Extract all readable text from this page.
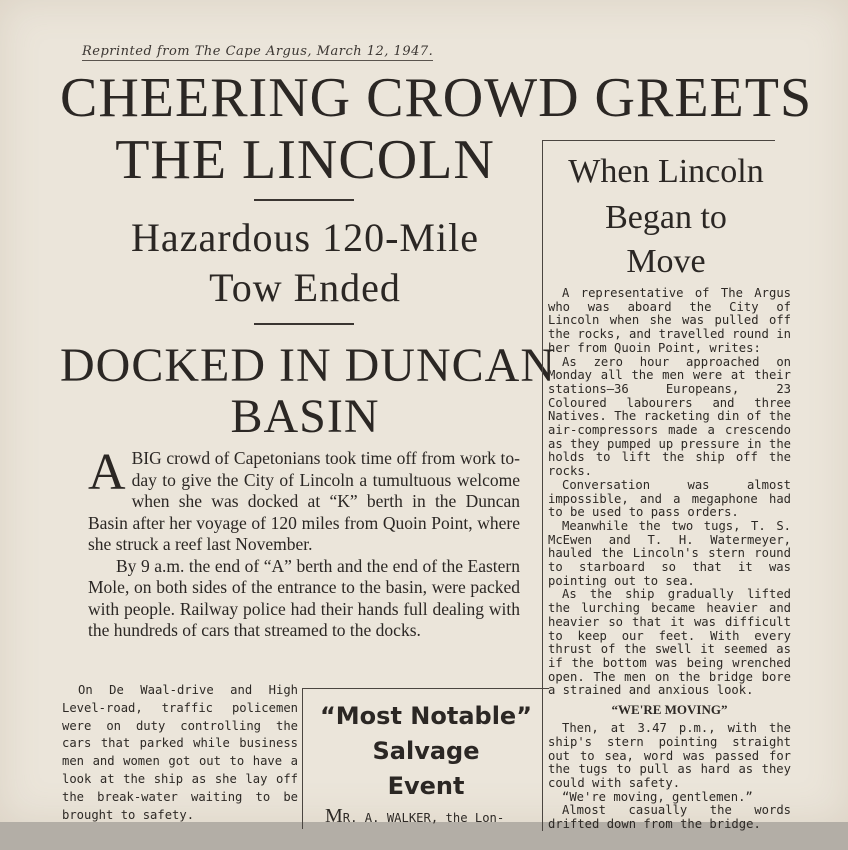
Reprinted from The Cape Argus, March 12, 1947.
CHEERING CROWD GREETS
THE LINCOLN
Hazardous 120-Mile
Tow Ended
DOCKED IN DUNCAN
BASIN
A BIG crowd of Capetonians took time off from work to-day to give the City of Lincoln a tumultuous welcome when she was docked at “K” berth in the Duncan Basin after her voyage of 120 miles from Quoin Point, where she struck a reef last November.

By 9 a.m. the end of “A” berth and the end of the Eastern Mole, on both sides of the entrance to the basin, were packed with people. Railway police had their hands full dealing with the hundreds of cars that streamed to the docks.

On De Waal-drive and High Level-road, traffic policemen were on duty controlling the cars that parked while business men and women got out to have a look at the ship as she lay off the break-water waiting to be brought to safety.

“Most Notable”
Salvage
Event
MR. A. WALKER, the Lon-
When Lincoln
Began to
Move

A representative of The Argus who was aboard the City of Lincoln when she was pulled off the rocks, and travelled round in her from Quoin Point, writes:

As zero hour approached on Monday all the men were at their stations—36 Europeans, 23 Coloured labourers and three Natives. The racketing din of the air-compressors made a crescendo as they pumped up pressure in the holds to lift the ship off the rocks.

Conversation was almost impossible, and a megaphone had to be used to pass orders.

Meanwhile the two tugs, T. S. McEwen and T. H. Watermeyer, hauled the Lincoln's stern round to starboard so that it was pointing out to sea.

As the ship gradually lifted the lurching became heavier and heavier so that it was difficult to keep our feet. With every thrust of the swell it seemed as if the bottom was being wrenched open. The men on the bridge bore a strained and anxious look.

“WE'RE MOVING”

Then, at 3.47 p.m., with the ship's stern pointing straight out to sea, word was passed for the tugs to pull as hard as they could with safety.

“We're moving, gentlemen.”

Almost casually the words drifted down from the bridge.
